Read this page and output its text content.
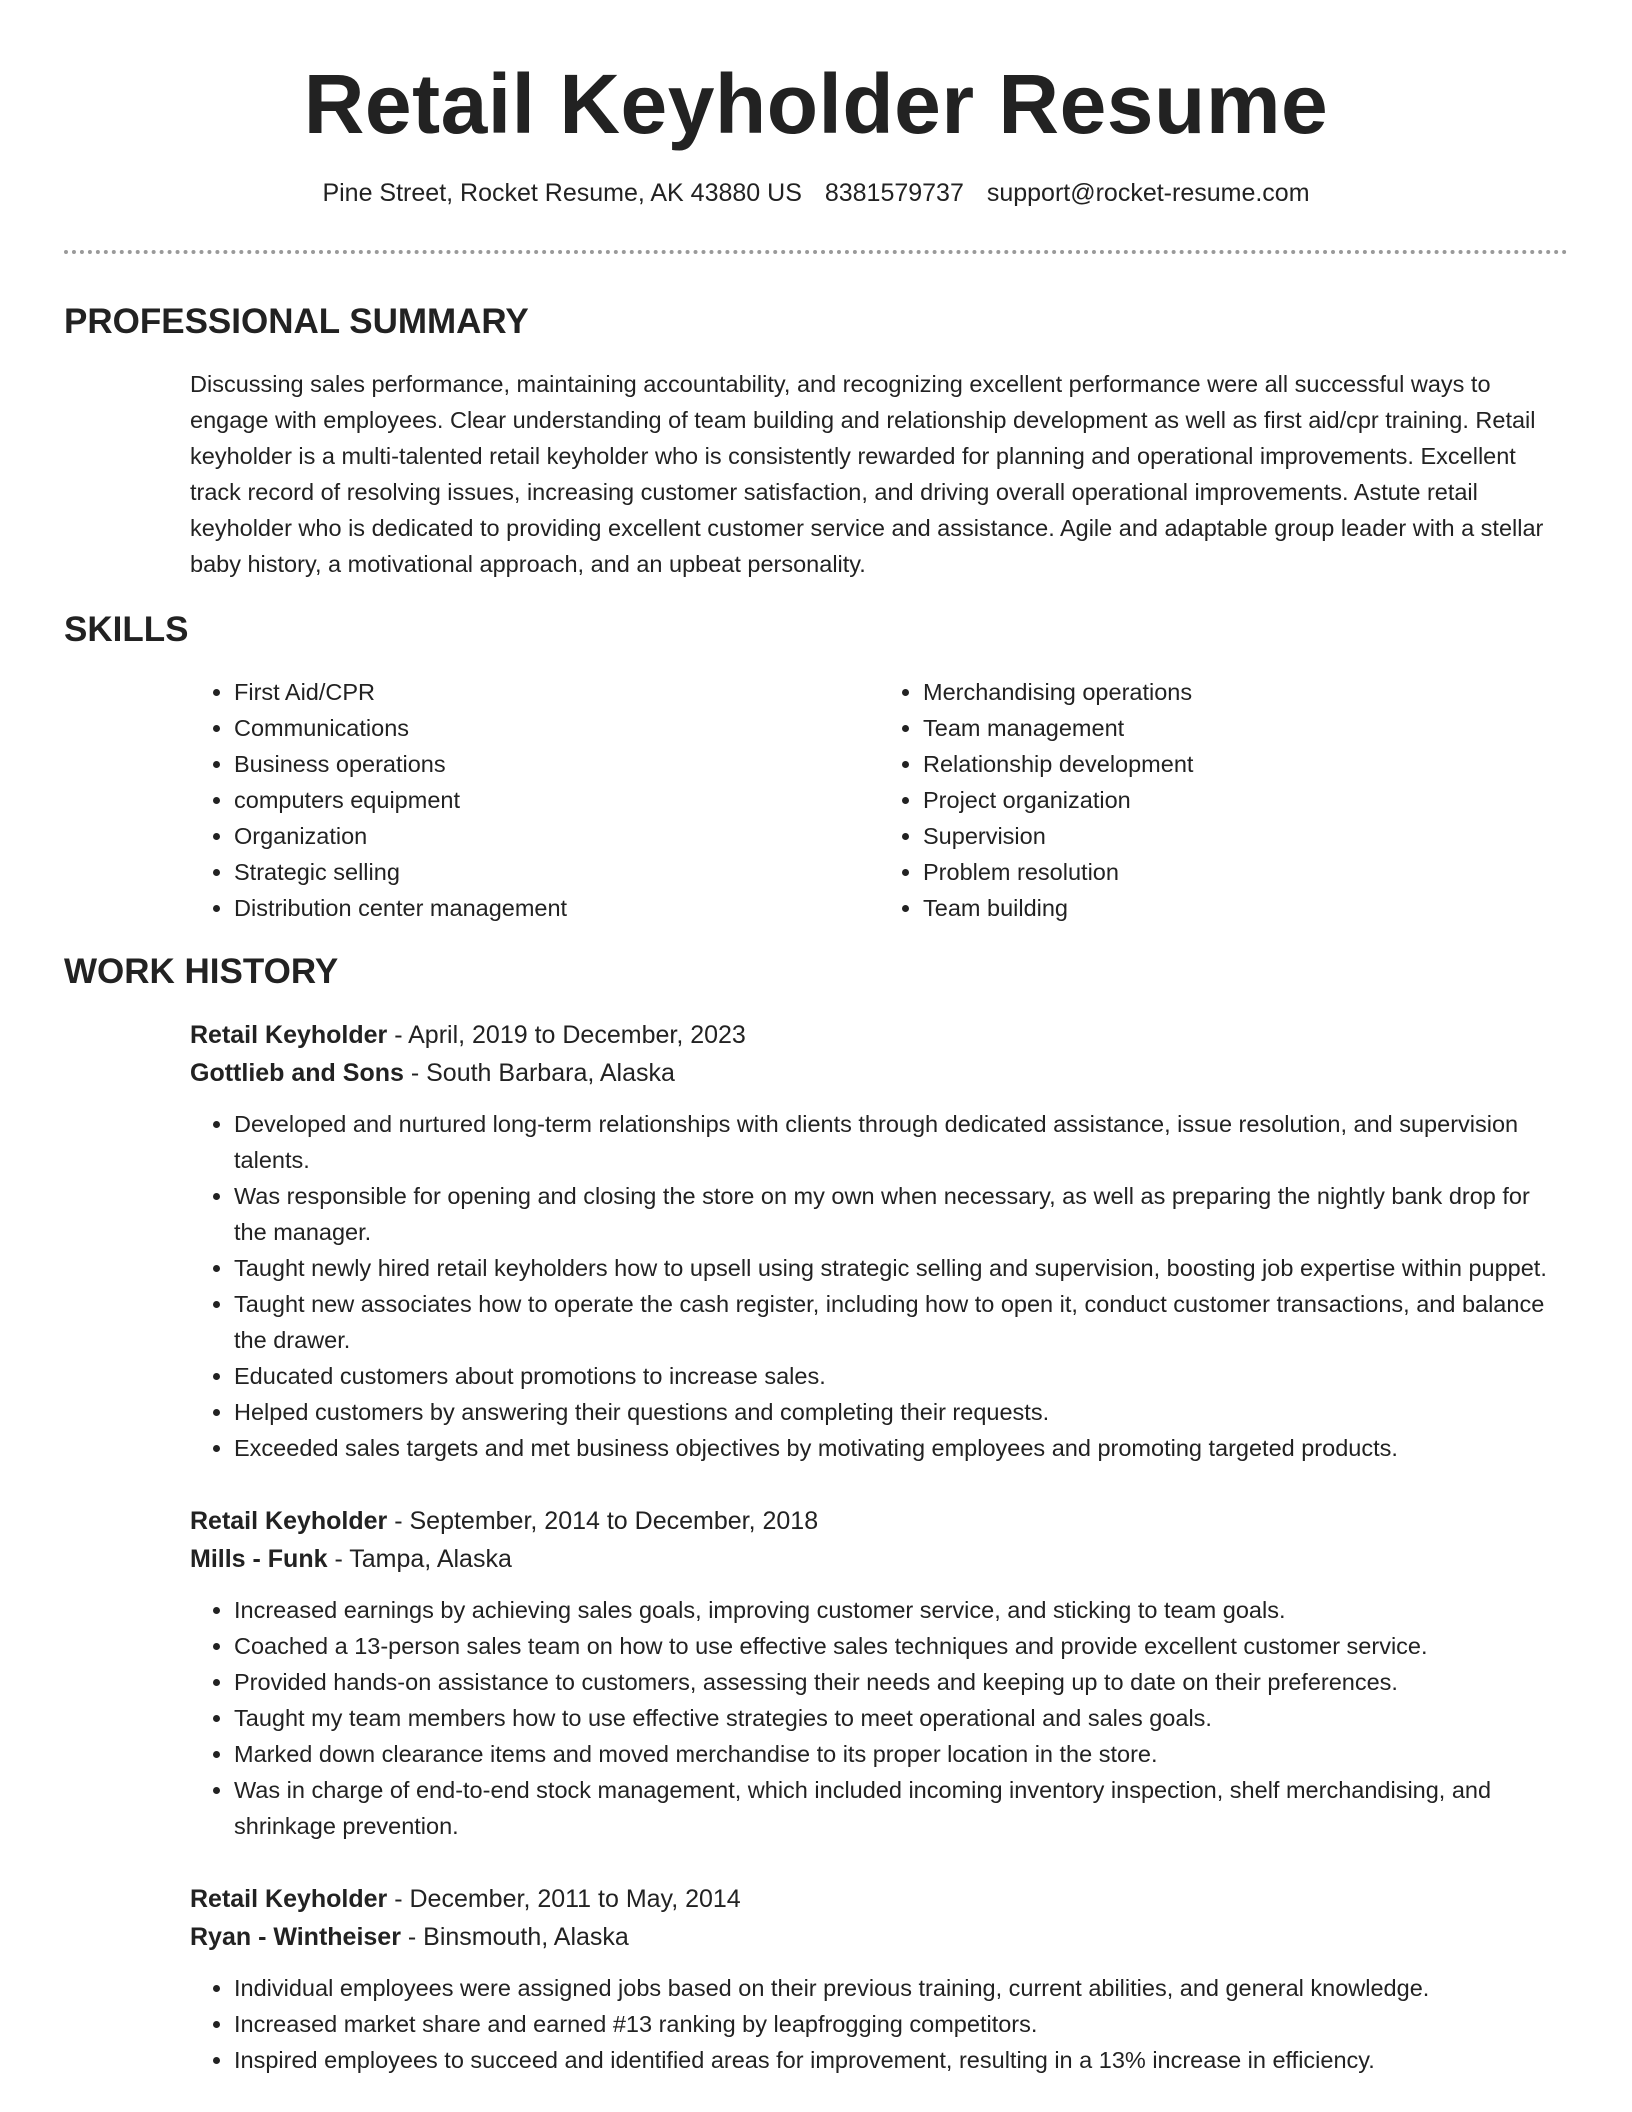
Retail Keyholder Resume
Pine Street, Rocket Resume, AK 43880 US 8381579737 support@rocket-resume.com
PROFESSIONAL SUMMARY

Discussing sales performance, maintaining accountability, and recognizing excellent performance were all successful ways to engage with employees. Clear understanding of team building and relationship development as well as first aid/cpr training. Retail keyholder is a multi-talented retail keyholder who is consistently rewarded for planning and operational improvements. Excellent track record of resolving issues, increasing customer satisfaction, and driving overall operational improvements. Astute retail keyholder who is dedicated to providing excellent customer service and assistance. Agile and adaptable group leader with a stellar baby history, a motivational approach, and an upbeat personality.

SKILLS
• First Aid/CPR
• Communications
• Business operations
• computers equipment
• Organization
• Strategic selling
• Distribution center management
• Merchandising operations
• Team management
• Relationship development
• Project organization
• Supervision
• Problem resolution
• Team building
WORK HISTORY
Retail Keyholder - April, 2019 to December, 2023
Gottlieb and Sons - South Barbara, Alaska
• Developed and nurtured long-term relationships with clients through dedicated assistance, issue resolution, and supervision talents.
• Was responsible for opening and closing the store on my own when necessary, as well as preparing the nightly bank drop for the manager.
• Taught newly hired retail keyholders how to upsell using strategic selling and supervision, boosting job expertise within puppet.
• Taught new associates how to operate the cash register, including how to open it, conduct customer transactions, and balance the drawer.
• Educated customers about promotions to increase sales.
• Helped customers by answering their questions and completing their requests.
• Exceeded sales targets and met business objectives by motivating employees and promoting targeted products.
Retail Keyholder - September, 2014 to December, 2018
Mills - Funk - Tampa, Alaska
• Increased earnings by achieving sales goals, improving customer service, and sticking to team goals.
• Coached a 13-person sales team on how to use effective sales techniques and provide excellent customer service.
• Provided hands-on assistance to customers, assessing their needs and keeping up to date on their preferences.
• Taught my team members how to use effective strategies to meet operational and sales goals.
• Marked down clearance items and moved merchandise to its proper location in the store.
• Was in charge of end-to-end stock management, which included incoming inventory inspection, shelf merchandising, and shrinkage prevention.
Retail Keyholder - December, 2011 to May, 2014
Ryan - Wintheiser - Binsmouth, Alaska
• Individual employees were assigned jobs based on their previous training, current abilities, and general knowledge.
• Increased market share and earned #13 ranking by leapfrogging competitors.
• Inspired employees to succeed and identified areas for improvement, resulting in a 13% increase in efficiency.
